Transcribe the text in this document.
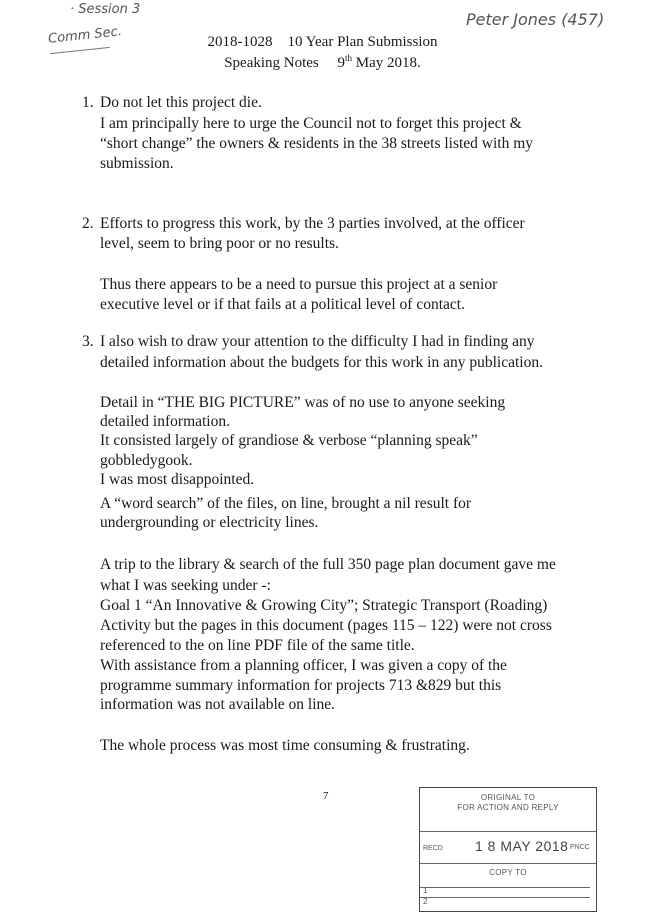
· Session 3
Comm Sec.
Peter Jones (457)
2018-1028    10 Year Plan Submission
Speaking Notes     9th May 2018.
1. Do not let this project die.
I am principally here to urge the Council not to forget this project &
“short change” the owners & residents in the 38 streets listed with my
submission.
2. Efforts to progress this work, by the 3 parties involved, at the officer
level, seem to bring poor or no results.
Thus there appears to be a need to pursue this project at a senior
executive level or if that fails at a political level of contact.
3. I also wish to draw your attention to the difficulty I had in finding any
detailed information about the budgets for this work in any publication.
Detail in “THE BIG PICTURE” was of no use to anyone seeking
detailed information.
It consisted largely of grandiose & verbose “planning speak”
gobbledygook.
I was most disappointed.
A “word search” of the files, on line, brought a nil result for
undergrounding or electricity lines.
A trip to the library & search of the full 350 page plan document gave me
what I was seeking under -:
Goal 1 “An Innovative & Growing City”; Strategic Transport (Roading)
Activity but the pages in this document (pages 115 – 122) were not cross
referenced to the on line PDF file of the same title.
With assistance from a planning officer, I was given a copy of the
programme summary information for projects 713 &829 but this
information was not available on line.
The whole process was most time consuming & frustrating.
7	ORIGINAL TO
FOR ACTION AND REPLY
RECD 1 8 MAY 2018 PNCC
COPY TO
1
2
